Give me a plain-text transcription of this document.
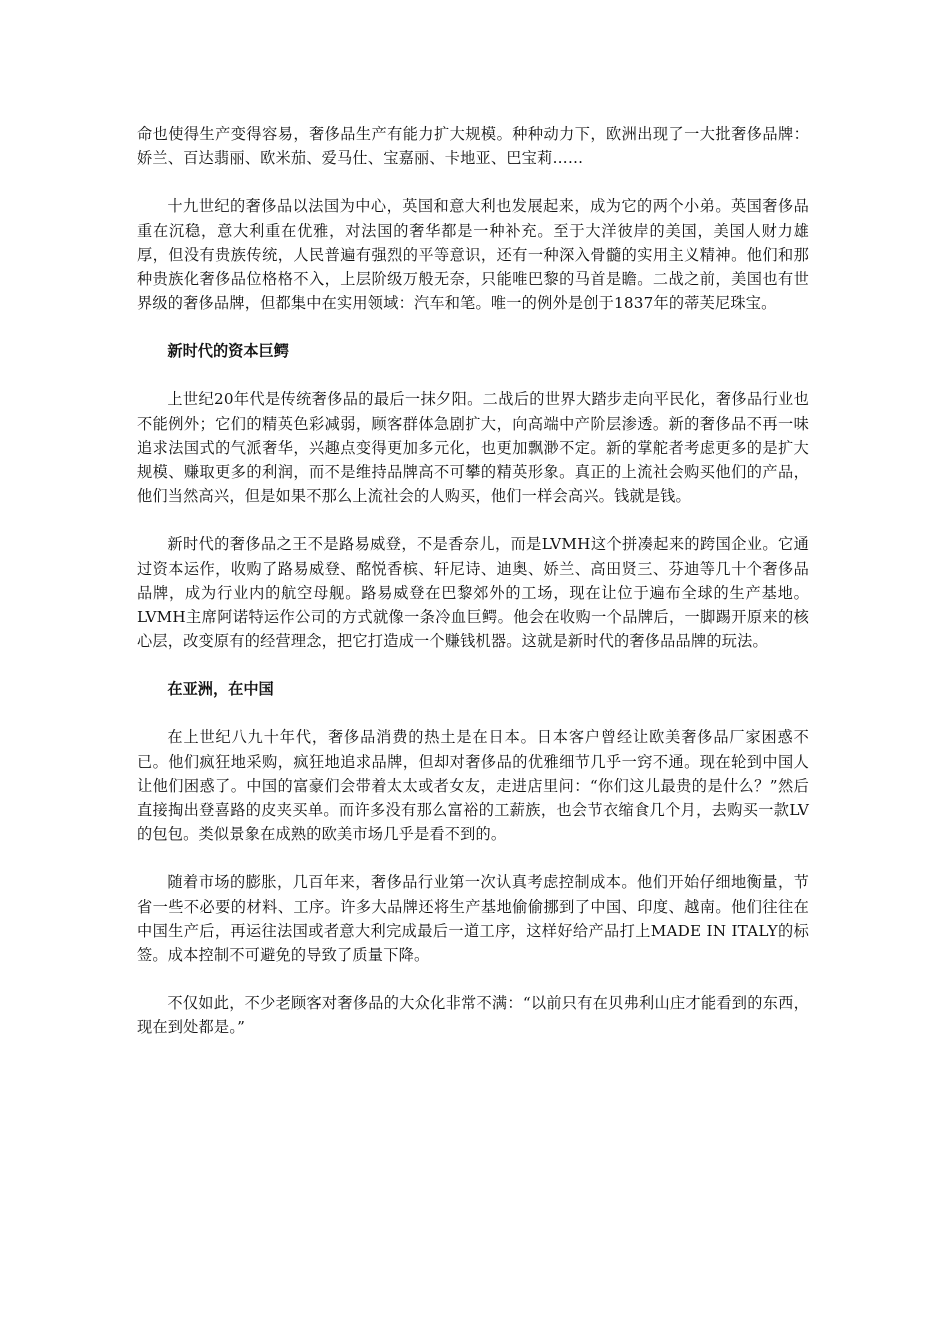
命也使得生产变得容易，奢侈品生产有能力扩大规模。种种动力下，欧洲出现了一大批奢侈品牌：娇兰、百达翡丽、欧米茄、爱马仕、宝嘉丽、卡地亚、巴宝莉……

十九世纪的奢侈品以法国为中心，英国和意大利也发展起来，成为它的两个小弟。英国奢侈品重在沉稳，意大利重在优雅，对法国的奢华都是一种补充。至于大洋彼岸的美国，美国人财力雄厚，但没有贵族传统，人民普遍有强烈的平等意识，还有一种深入骨髓的实用主义精神。他们和那种贵族化奢侈品位格格不入，上层阶级万般无奈，只能唯巴黎的马首是瞻。二战之前，美国也有世界级的奢侈品牌，但都集中在实用领域：汽车和笔。唯一的例外是创于1837年的蒂芙尼珠宝。

新时代的资本巨鳄

上世纪20年代是传统奢侈品的最后一抹夕阳。二战后的世界大踏步走向平民化，奢侈品行业也不能例外；它们的精英色彩减弱，顾客群体急剧扩大，向高端中产阶层渗透。新的奢侈品不再一味追求法国式的气派奢华，兴趣点变得更加多元化，也更加飘渺不定。新的掌舵者考虑更多的是扩大规模、赚取更多的利润，而不是维持品牌高不可攀的精英形象。真正的上流社会购买他们的产品，他们当然高兴，但是如果不那么上流社会的人购买，他们一样会高兴。钱就是钱。

新时代的奢侈品之王不是路易威登，不是香奈儿，而是LVMH这个拼凑起来的跨国企业。它通过资本运作，收购了路易威登、酩悦香槟、轩尼诗、迪奥、娇兰、高田贤三、芬迪等几十个奢侈品品牌，成为行业内的航空母舰。路易威登在巴黎郊外的工场，现在让位于遍布全球的生产基地。LVMH主席阿诺特运作公司的方式就像一条冷血巨鳄。他会在收购一个品牌后，一脚踢开原来的核心层，改变原有的经营理念，把它打造成一个赚钱机器。这就是新时代的奢侈品品牌的玩法。

在亚洲，在中国

在上世纪八九十年代，奢侈品消费的热土是在日本。日本客户曾经让欧美奢侈品厂家困惑不已。他们疯狂地采购，疯狂地追求品牌，但却对奢侈品的优雅细节几乎一窍不通。现在轮到中国人让他们困惑了。中国的富豪们会带着太太或者女友，走进店里问：“你们这儿最贵的是什么？”然后直接掏出登喜路的皮夹买单。而许多没有那么富裕的工薪族，也会节衣缩食几个月，去购买一款LV的包包。类似景象在成熟的欧美市场几乎是看不到的。

随着市场的膨胀，几百年来，奢侈品行业第一次认真考虑控制成本。他们开始仔细地衡量，节省一些不必要的材料、工序。许多大品牌还将生产基地偷偷挪到了中国、印度、越南。他们往往在中国生产后，再运往法国或者意大利完成最后一道工序，这样好给产品打上MADE IN ITALY的标签。成本控制不可避免的导致了质量下降。

不仅如此，不少老顾客对奢侈品的大众化非常不满：“以前只有在贝弗利山庄才能看到的东西，现在到处都是。”
